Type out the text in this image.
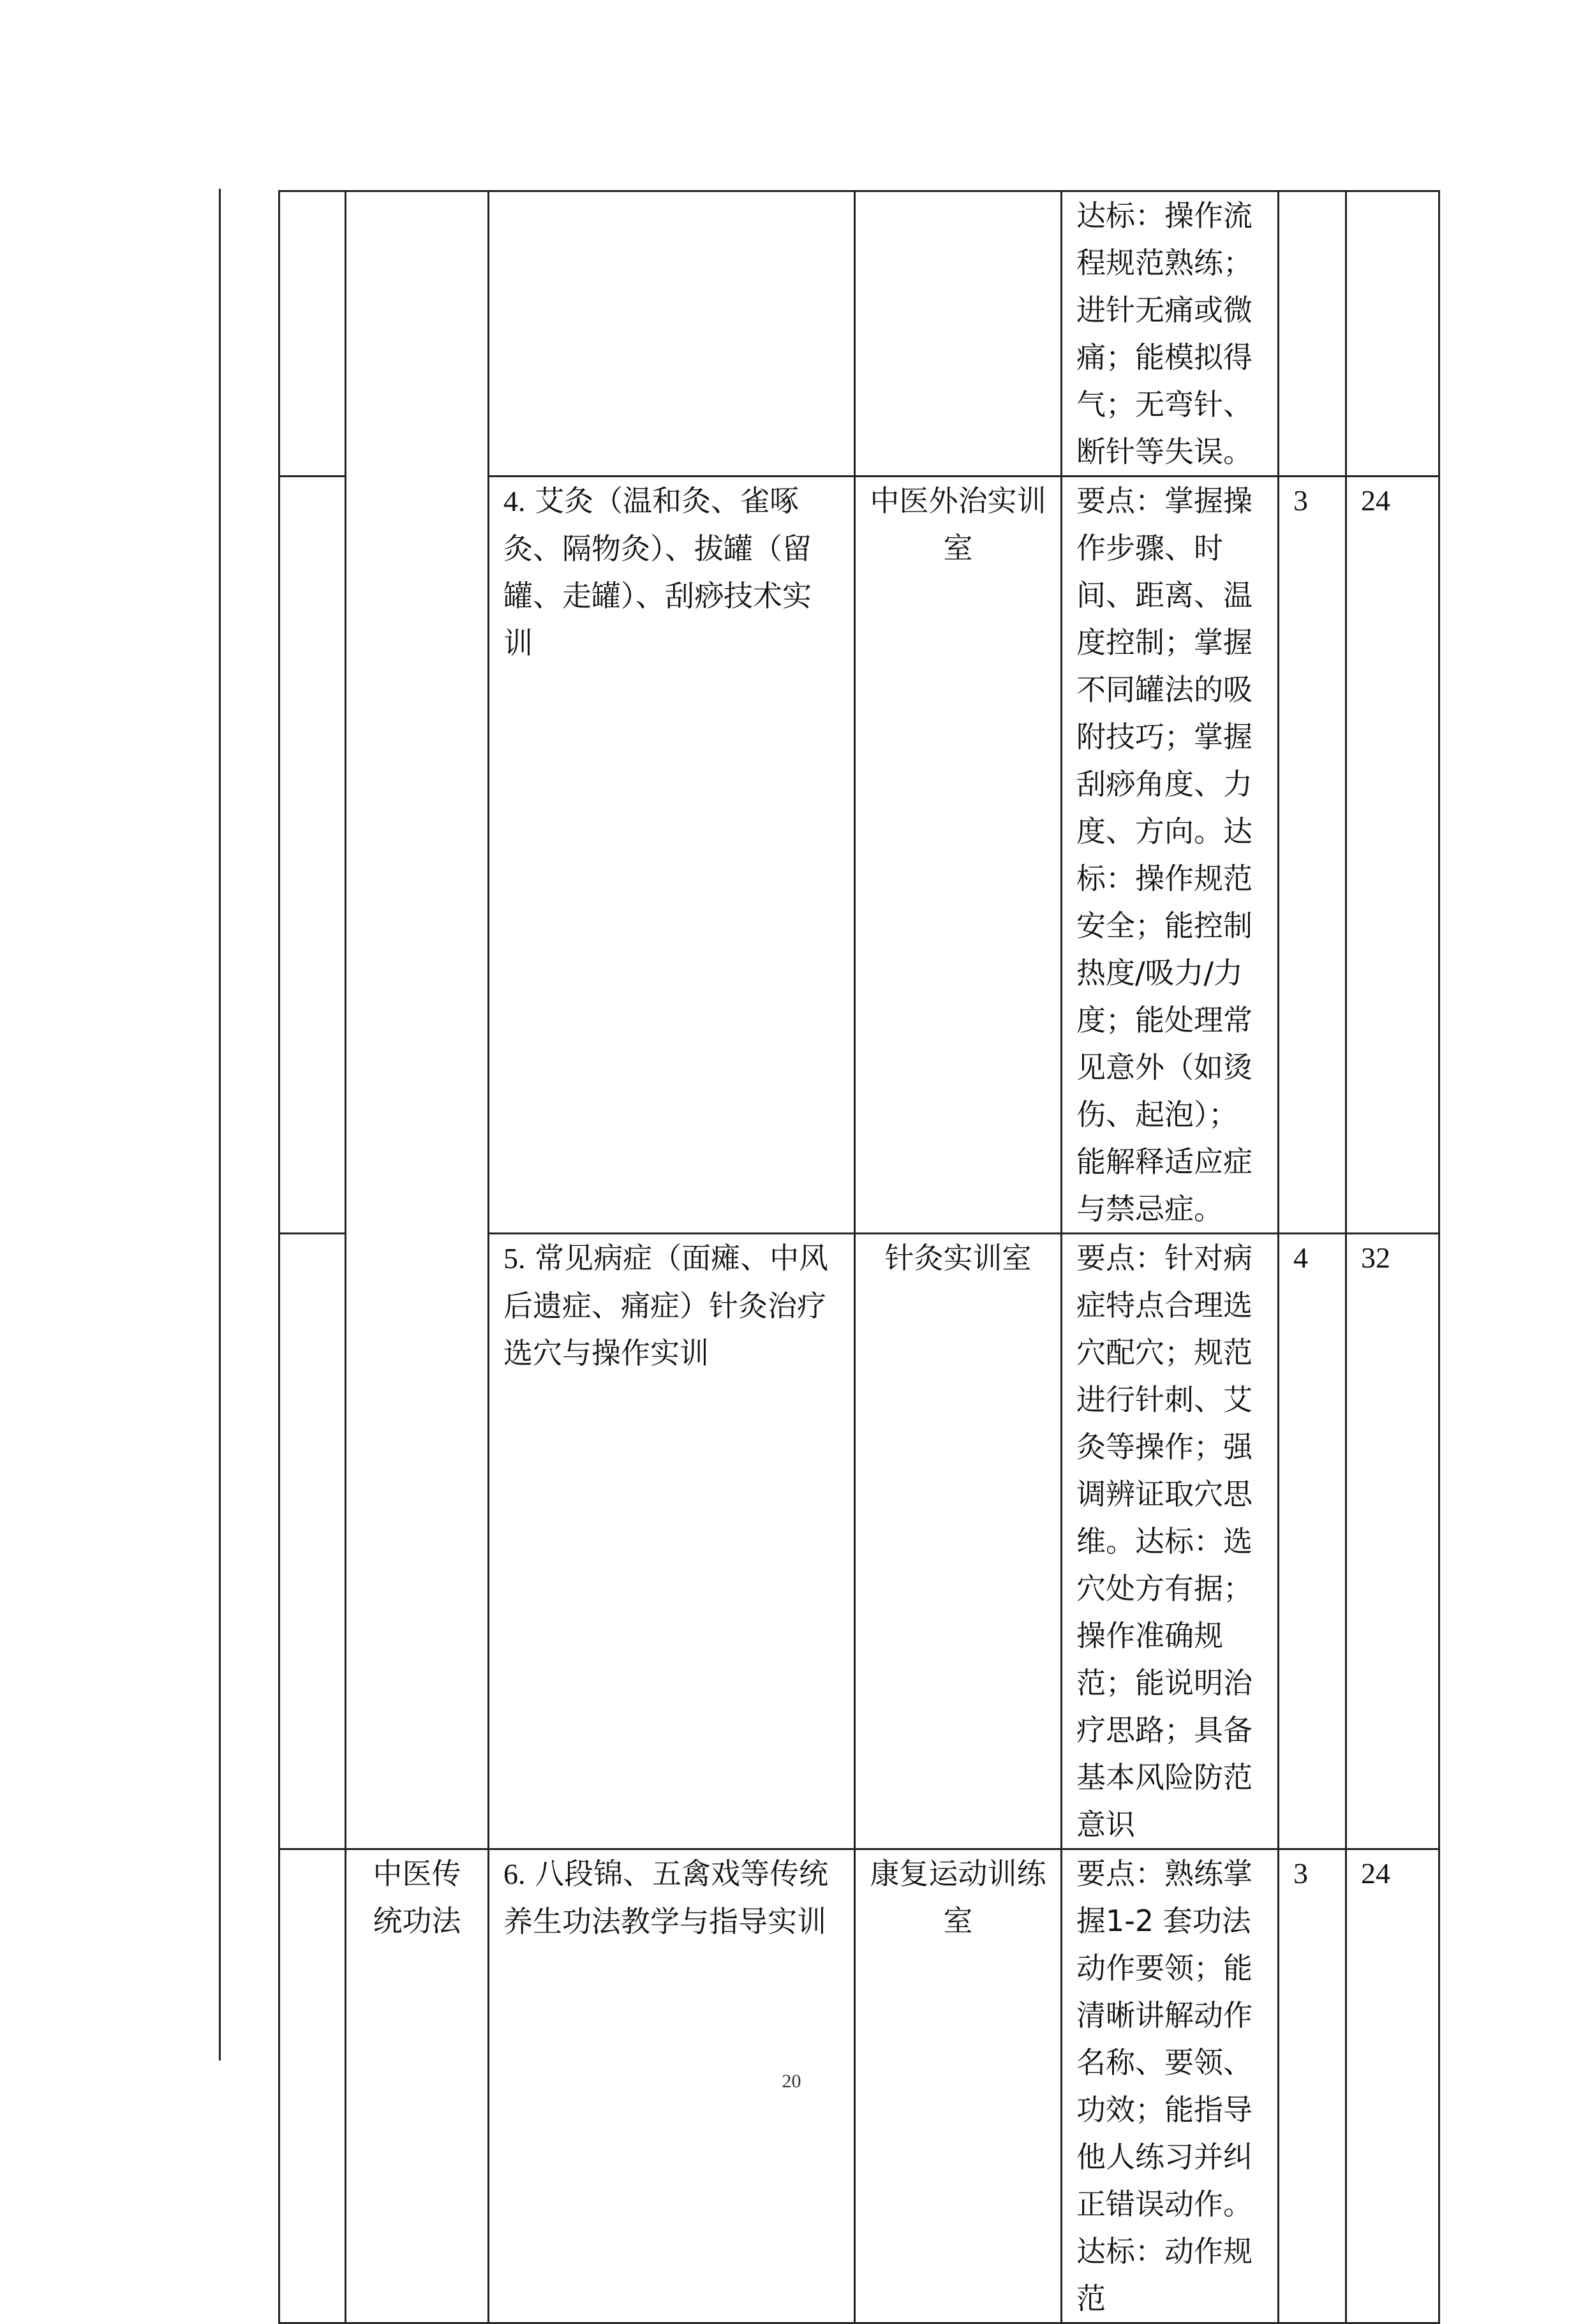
				达标：操作流程规范熟练；进针无痛或微痛；能模拟得气；无弯针、断针等失误。		
		4. 艾灸（温和灸、雀啄灸、隔物灸）、拔罐（留罐、走罐）、刮痧技术实训	中医外治实训室	要点：掌握操作步骤、时间、距离、温度控制；掌握不同罐法的吸附技巧；掌握刮痧角度、力度、方向。达标：操作规范安全；能控制热度/吸力/力度；能处理常见意外（如烫伤、起泡）；能解释适应症与禁忌症。	3	24
		5. 常见病症（面瘫、中风后遗症、痛症）针灸治疗选穴与操作实训	针灸实训室	要点：针对病症特点合理选穴配穴；规范进行针刺、艾灸等操作；强调辨证取穴思维。达标：选穴处方有据；操作准确规范；能说明治疗思路；具备基本风险防范意识	4	32
	中医传统功法	6. 八段锦、五禽戏等传统养生功法教学与指导实训	康复运动训练室	要点：熟练掌握1-2 套功法动作要领；能清晰讲解动作名称、要领、功效；能指导他人练习并纠正错误动作。达标：动作规范	3	24
20
